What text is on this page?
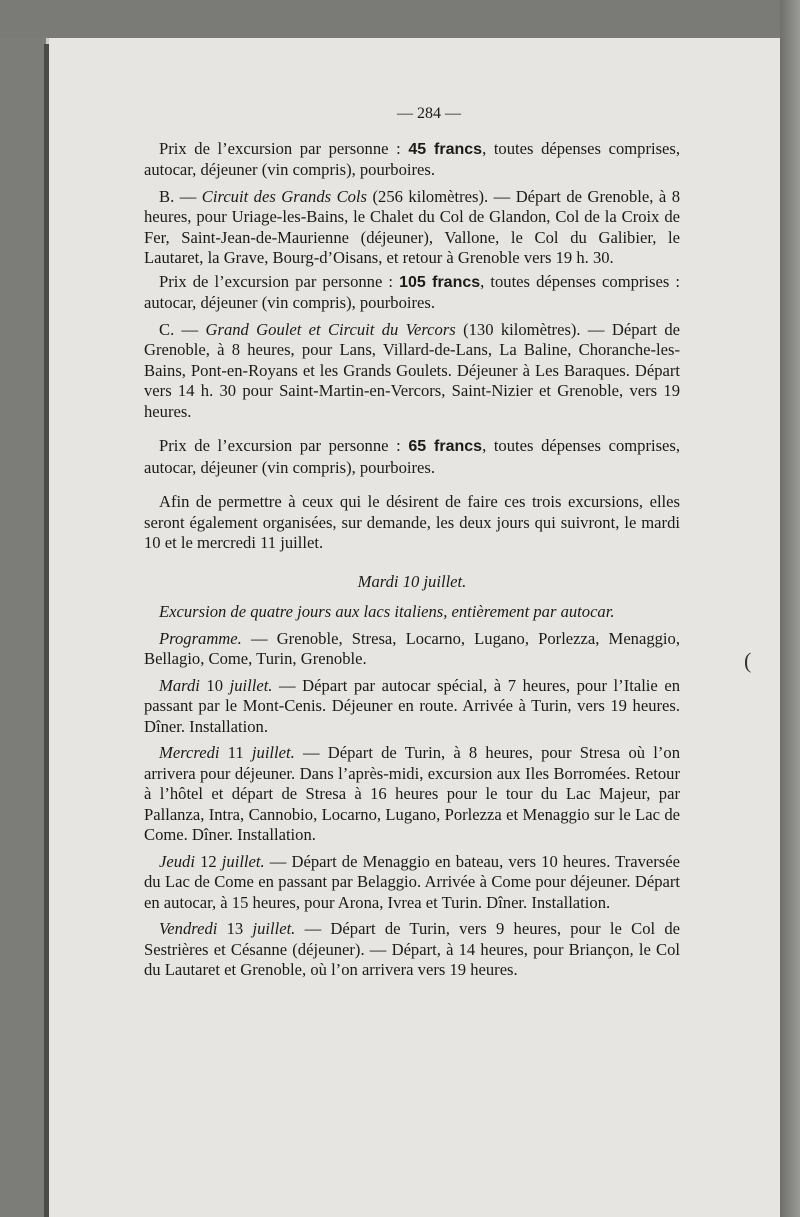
(
— 284 —

Prix de l’excursion par personne : 45 francs, toutes dépenses comprises, autocar, déjeuner (vin compris), pourboires.

B. — Circuit des Grands Cols (256 kilomètres). — Départ de Grenoble, à 8 heures, pour Uriage-les-Bains, le Chalet du Col de Glandon, Col de la Croix de Fer, Saint-Jean-de-Maurienne (déjeuner), Vallone, le Col du Galibier, le Lautaret, la Grave, Bourg-d’Oisans, et retour à Grenoble vers 19 h. 30.

Prix de l’excursion par personne : 105 francs, toutes dépenses comprises : autocar, déjeuner (vin compris), pourboires.

C. — Grand Goulet et Circuit du Vercors (130 kilomètres). — Départ de Grenoble, à 8 heures, pour Lans, Villard-de-Lans, La Baline, Choranche-les-Bains, Pont-en-Royans et les Grands Goulets. Déjeuner à Les Baraques. Départ vers 14 h. 30 pour Saint-Martin-en-Vercors, Saint-Nizier et Grenoble, vers 19 heures.

Prix de l’excursion par personne : 65 francs, toutes dépenses comprises, autocar, déjeuner (vin compris), pourboires.

Afin de permettre à ceux qui le désirent de faire ces trois excursions, elles seront également organisées, sur demande, les deux jours qui suivront, le mardi 10 et le mercredi 11 juillet.

Mardi 10 juillet.

Excursion de quatre jours aux lacs italiens, entièrement par autocar.

Programme. — Grenoble, Stresa, Locarno, Lugano, Porlezza, Menaggio, Bellagio, Come, Turin, Grenoble.

Mardi 10 juillet. — Départ par autocar spécial, à 7 heures, pour l’Italie en passant par le Mont-Cenis. Déjeuner en route. Arrivée à Turin, vers 19 heures. Dîner. Installation.

Mercredi 11 juillet. — Départ de Turin, à 8 heures, pour Stresa où l’on arrivera pour déjeuner. Dans l’après-midi, excursion aux Iles Borromées. Retour à l’hôtel et départ de Stresa à 16 heures pour le tour du Lac Majeur, par Pallanza, Intra, Cannobio, Locarno, Lugano, Porlezza et Menaggio sur le Lac de Come. Dîner. Installation.

Jeudi 12 juillet. — Départ de Menaggio en bateau, vers 10 heures. Traversée du Lac de Come en passant par Belaggio. Arrivée à Come pour déjeuner. Départ en autocar, à 15 heures, pour Arona, Ivrea et Turin. Dîner. Installation.

Vendredi 13 juillet. — Départ de Turin, vers 9 heures, pour le Col de Sestrières et Césanne (déjeuner). — Départ, à 14 heures, pour Briançon, le Col du Lautaret et Grenoble, où l’on arrivera vers 19 heures.
